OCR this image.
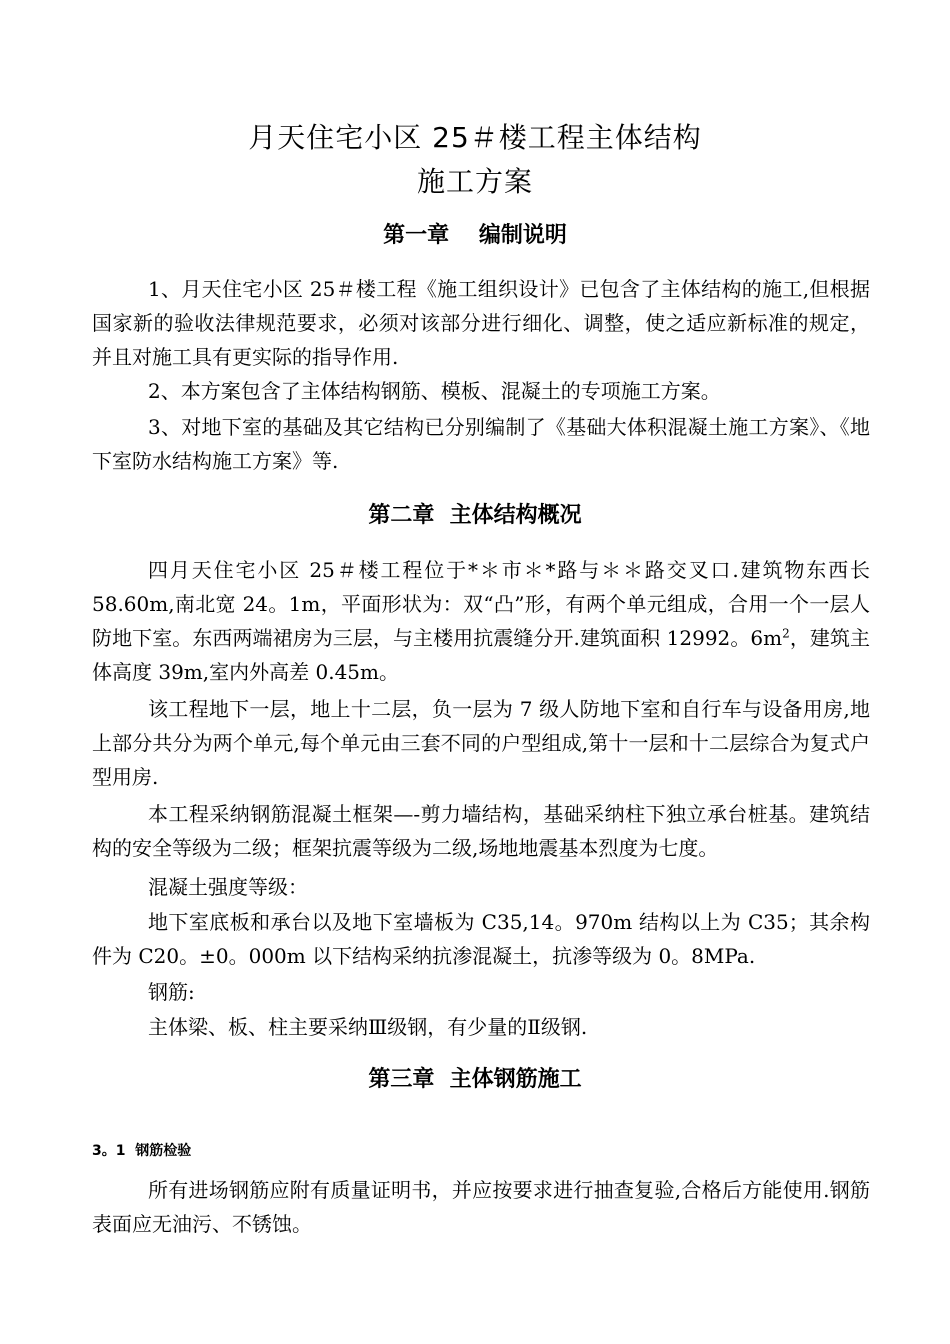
月天住宅小区 25＃楼工程主体结构
施工方案
第一章　 编制说明
1、月天住宅小区 25＃楼工程《施工组织设计》已包含了主体结构的施工,但根据国家新的验收法律规范要求，必须对该部分进行细化、调整，使之适应新标准的规定，并且对施工具有更实际的指导作用.
2、本方案包含了主体结构钢筋、模板、混凝土的专项施工方案。
3、对地下室的基础及其它结构已分别编制了《基础大体积混凝土施工方案》、《地下室防水结构施工方案》等.
第二章  主体结构概况
四月天住宅小区 25＃楼工程位于*＊市＊*路与＊＊路交叉口.建筑物东西长 58.60m,南北宽 24。1m，平面形状为：双“凸”形，有两个单元组成，合用一个一层人防地下室。东西两端裙房为三层，与主楼用抗震缝分开.建筑面积 12992。$6m^2$，建筑主体高度 39m,室内外高差 0.45m。
该工程地下一层，地上十二层，负一层为 7 级人防地下室和自行车与设备用房,地上部分共分为两个单元,每个单元由三套不同的户型组成,第十一层和十二层综合为复式户型用房.
本工程采纳钢筋混凝土框架—-剪力墙结构，基础采纳柱下独立承台桩基。建筑结构的安全等级为二级；框架抗震等级为二级,场地地震基本烈度为七度。
混凝土强度等级：
地下室底板和承台以及地下室墙板为 C35,14。970m 结构以上为 C35；其余构件为 C20。±0。000m 以下结构采纳抗渗混凝土，抗渗等级为 0。8MPa.
钢筋:
主体梁、板、柱主要采纳Ⅲ级钢，有少量的Ⅱ级钢.
第三章  主体钢筋施工
3。1  钢筋检验
所有进场钢筋应附有质量证明书，并应按要求进行抽查复验,合格后方能使用.钢筋表面应无油污、不锈蚀。
